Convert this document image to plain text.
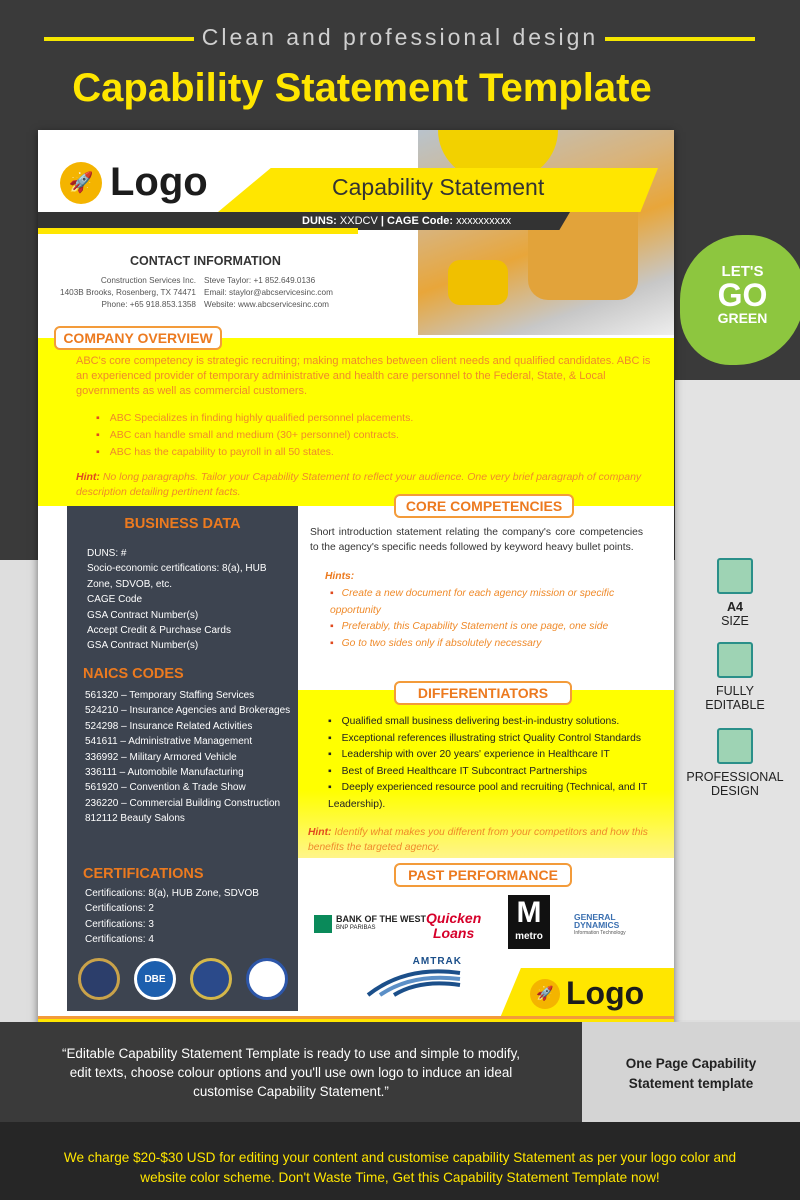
Clean and professional design
Capability Statement Template
🚀 Logo	Capability Statement
DUNS: XXDCV | CAGE Code: xxxxxxxxxx
CONTACT INFORMATION
Construction Services Inc.
1403B Brooks, Rosenberg, TX 74471
Phone: +65 918.853.1358
Steve Taylor: +1 852.649.0136
Email: staylor@abcservicesinc.com
Website: www.abcservicesinc.com
COMPANY OVERVIEW
ABC's core competency is strategic recruiting; making matches between client needs and qualified candidates. ABC is an experienced provider of temporary administrative and health care personnel to the Federal, State, & Local governments as well as commercial customers.
▪ ABC Specializes in finding highly qualified personnel placements.
▪ ABC can handle small and medium (30+ personnel) contracts.
▪ ABC has the capability to payroll in all 50 states.
Hint: No long paragraphs. Tailor your Capability Statement to reflect your audience. One very brief paragraph of company description detailing pertinent facts.
BUSINESS DATA
DUNS: #
Socio-economic certifications: 8(a), HUB Zone, SDVOB, etc.
CAGE Code
GSA Contract Number(s)
Accept Credit & Purchase Cards
GSA Contract Number(s)
NAICS CODES
561320 – Temporary Staffing Services
524210 – Insurance Agencies and Brokerages
524298 – Insurance Related Activities
541611 – Administrative Management
336992 – Military Armored Vehicle
336111 – Automobile Manufacturing
561920 – Convention & Trade Show
236220 – Commercial Building Construction
812112 Beauty Salons
CERTIFICATIONS
Certifications: 8(a), HUB Zone, SDVOB
Certifications: 2
Certifications: 3
Certifications: 4
DBE
CORE COMPETENCIES
Short introduction statement relating the company's core competencies to the agency's specific needs followed by keyword heavy bullet points.
Hints:
▪ Create a new document for each agency mission or specific opportunity
▪ Preferably, this Capability Statement is one page, one side
▪ Go to two sides only if absolutely necessary
DIFFERENTIATORS
▪ Qualified small business delivering best-in-industry solutions.
▪ Exceptional references illustrating strict Quality Control Standards
▪ Leadership with over 20 years' experience in Healthcare IT
▪ Best of Breed Healthcare IT Subcontract Partnerships
▪ Deeply experienced resource pool and recruiting (Technical, and IT Leadership).
Hint: Identify what makes you different from your competitors and how this benefits the targeted agency.
PAST PERFORMANCE
BANK OF THE WEST
BNP PARIBAS
Quicken
Loans
M
metro
GENERAL
DYNAMICS
Information Technology
AMTRAK
🚀 Logo
LET'S
GO
GREEN
A4
SIZE
FULLY EDITABLE
PROFESSIONAL DESIGN
“Editable Capability Statement Template is ready to use and simple to modify, edit texts, choose colour options and you'll use own logo to induce an ideal customise Capability Statement.”
One Page Capability Statement template
We charge $20-$30 USD for editing your content and customise capability Statement as per your logo color and website color scheme. Don't Waste Time, Get this Capability Statement Template now!
